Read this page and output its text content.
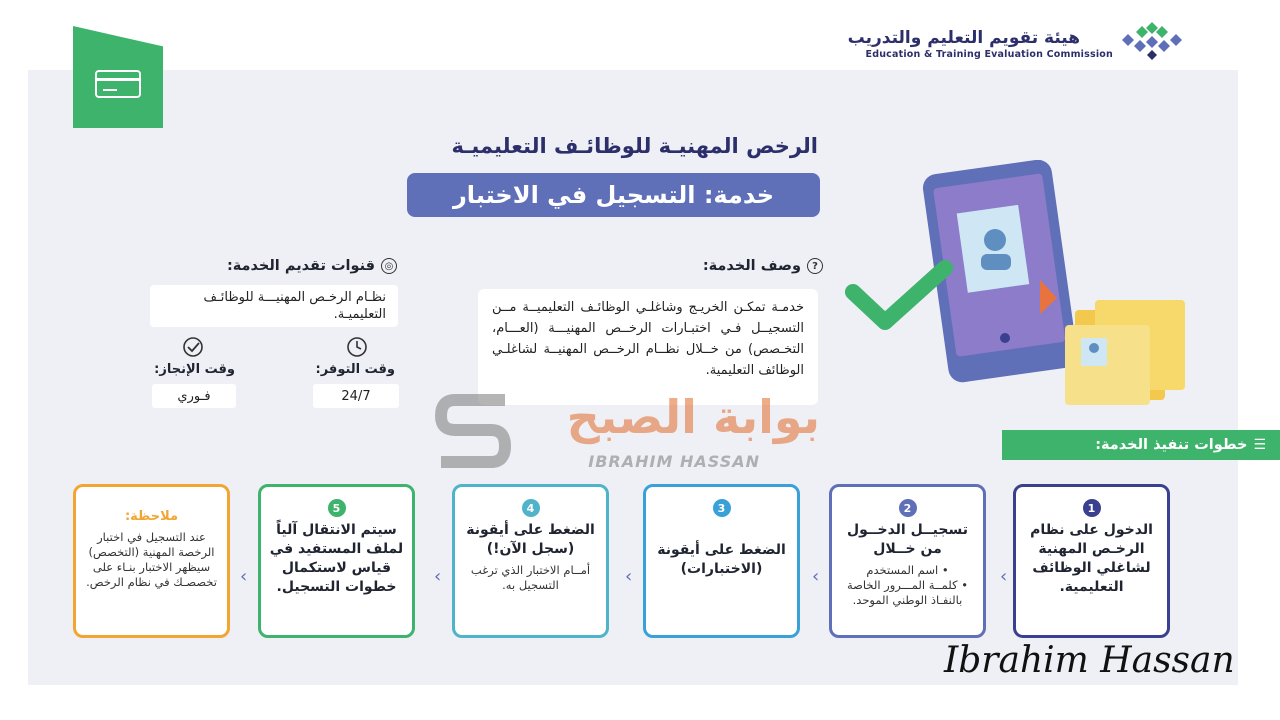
هيئة تقويم التعليم والتدريب
Education & Training Evaluation Commission
الرخص المهنيـة للوظائـف التعليميـة
خدمة: التسجيل في الاختبار
?
وصف الخدمة:
خدمـة تمكـن الخريـج وشاغلـي الوظائـف التعليميــة مــن التسجيــل فـي اختبـارات الرخــص المهنيـــة (العـــام، التخـصص) من خــلال نظــام الرخــص المهنيــة لشاغلـي الوظائف التعليمية.
◎
قنوات تقديم الخدمة:
نظـام الرخـص المهنيـــة للوظائـف التعليميـة.
وقت التوفر:
24/7
وقت الإنجاز:
فـوري
☰
خطوات تنفيذ الخدمة:
1
الدخول على نظام الرخـص المهنية لشاغلي الوظائف التعليمية.
2
تسجيــل الدخــول من خــلال
• اسم المستخدم
• كلمــة المـــرور الخاصة بالنفـاذ الوطني الموحد.
3
الضغط على أيقونة (الاختبارات)
4
الضغط على أيقونة (سجل الآن!)
أمــام الاختبار الذي ترغب التسجيل به.
5
سيتم الانتقال آلياً لملف المستفيد في قياس لاستكمال خطوات التسجيل.
ملاحظة:
عند التسجيل في اختبار الرخصة المهنية (التخصص) سيظهر الاختبار بنـاء على تخصصـك في نظام الرخص.	‹
‹
‹
‹
‹
بوابة الصبح
IBRAHIM HASSAN
Ibrahim Hassan
